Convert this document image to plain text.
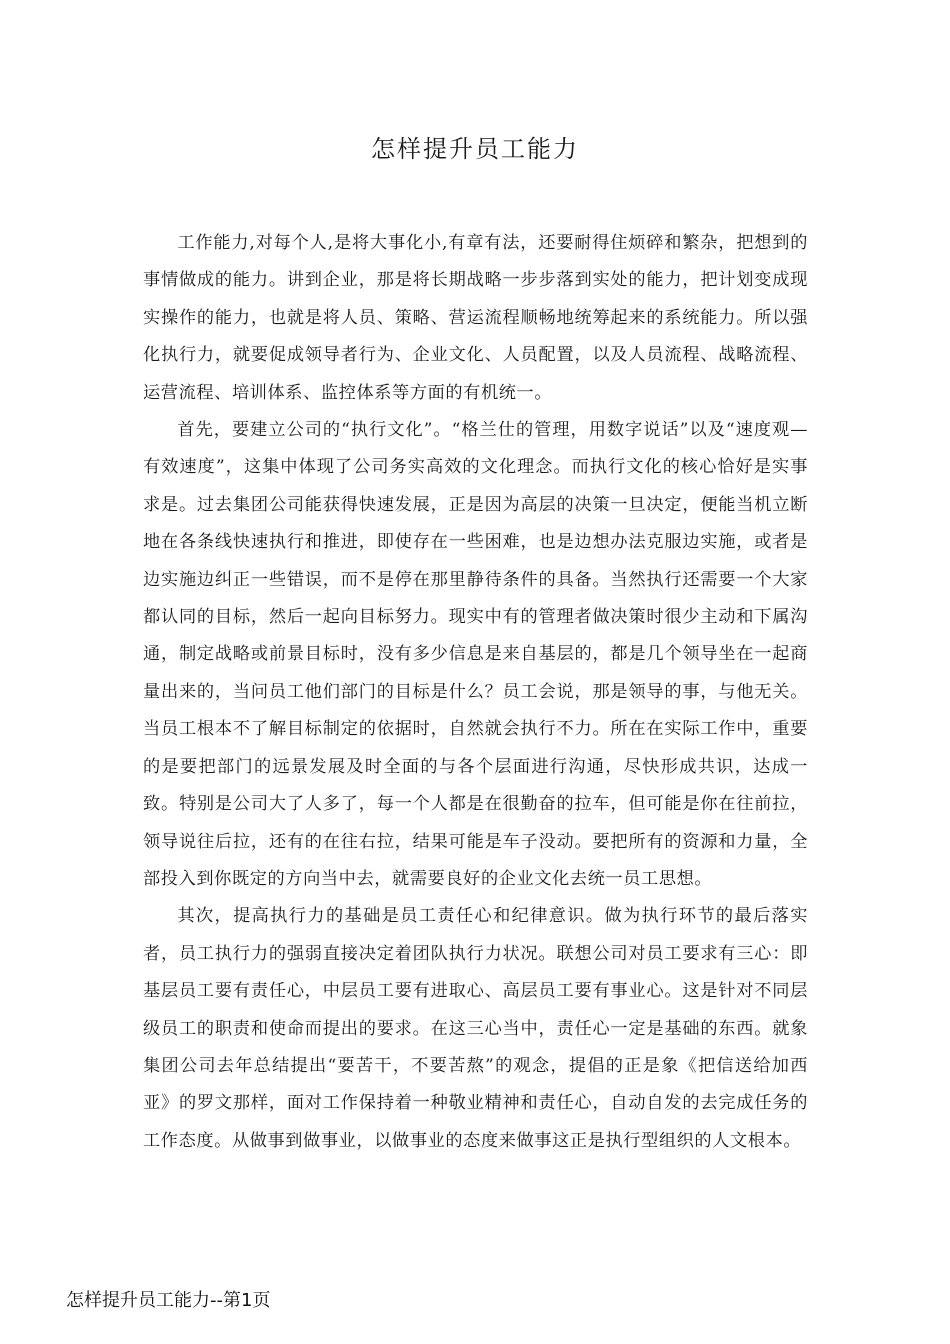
怎样提升员工能力

工作能力,对每个人,是将大事化小,有章有法，还要耐得住烦碎和繁杂，把想到的事情做成的能力。讲到企业，那是将长期战略一步步落到实处的能力，把计划变成现实操作的能力，也就是将人员、策略、营运流程顺畅地统筹起来的系统能力。所以强化执行力，就要促成领导者行为、企业文化、人员配置，以及人员流程、战略流程、运营流程、培训体系、监控体系等方面的有机统一。

首先，要建立公司的“执行文化”。“格兰仕的管理，用数字说话”以及“速度观—有效速度”，这集中体现了公司务实高效的文化理念。而执行文化的核心恰好是实事求是。过去集团公司能获得快速发展，正是因为高层的决策一旦决定，便能当机立断地在各条线快速执行和推进，即使存在一些困难，也是边想办法克服边实施，或者是边实施边纠正一些错误，而不是停在那里静待条件的具备。当然执行还需要一个大家都认同的目标，然后一起向目标努力。现实中有的管理者做决策时很少主动和下属沟通，制定战略或前景目标时，没有多少信息是来自基层的，都是几个领导坐在一起商量出来的，当问员工他们部门的目标是什么？员工会说，那是领导的事，与他无关。当员工根本不了解目标制定的依据时，自然就会执行不力。所在在实际工作中，重要的是要把部门的远景发展及时全面的与各个层面进行沟通，尽快形成共识，达成一致。特别是公司大了人多了，每一个人都是在很勤奋的拉车，但可能是你在往前拉，领导说往后拉，还有的在往右拉，结果可能是车子没动。要把所有的资源和力量，全部投入到你既定的方向当中去，就需要良好的企业文化去统一员工思想。

其次，提高执行力的基础是员工责任心和纪律意识。做为执行环节的最后落实者，员工执行力的强弱直接决定着团队执行力状况。联想公司对员工要求有三心：即基层员工要有责任心，中层员工要有进取心、高层员工要有事业心。这是针对不同层级员工的职责和使命而提出的要求。在这三心当中，责任心一定是基础的东西。就象集团公司去年总结提出“要苦干，不要苦熬”的观念，提倡的正是象《把信送给加西亚》的罗文那样，面对工作保持着一种敬业精神和责任心，自动自发的去完成任务的工作态度。从做事到做事业，以做事业的态度来做事这正是执行型组织的人文根本。

怎样提升员工能力--第1页
